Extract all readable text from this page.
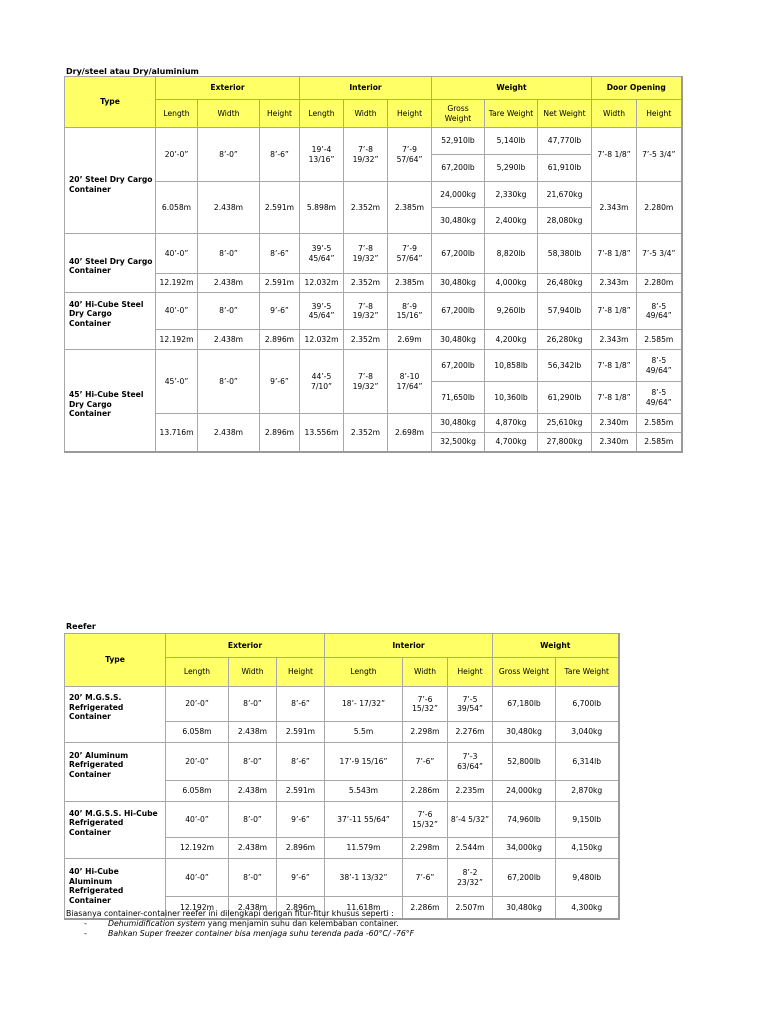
Dry/steel atau Dry/aluminium
Type	Exterior			Interior			Weight			Door Opening	
	Length	Width	Height	Length	Width	Height	Gross Weight	Tare Weight	Net Weight	Width	Height
20’ Steel Dry Cargo Container	20’-0”	8’-0”	8’-6”	19’-4 13/16”	7’-8 19/32”	7’-9 57/64”	52,910lb	5,140lb	47,770lb	7’-8 1/8”	7’-5 3/4”
							67,200lb	5,290lb	61,910lb		
	6.058m	2.438m	2.591m	5.898m	2.352m	2.385m	24,000kg	2,330kg	21,670kg	2.343m	2.280m
							30,480kg	2,400kg	28,080kg		
40’ Steel Dry Cargo Container	40’-0”	8’-0”	8’-6”	39’-5 45/64”	7’-8 19/32”	7’-9 57/64”	67,200lb	8,820lb	58,380lb	7’-8 1/8”	7’-5 3/4”
	12.192m	2.438m	2.591m	12.032m	2.352m	2.385m	30,480kg	4,000kg	26,480kg	2.343m	2.280m
40’ Hi-Cube Steel Dry Cargo Container	40’-0”	8’-0”	9’-6”	39’-5 45/64”	7’-8 19/32”	8’-9 15/16”	67,200lb	9,260lb	57,940lb	7’-8 1/8”	8’-5 49/64”
	12.192m	2.438m	2.896m	12.032m	2.352m	2.69m	30,480kg	4,200kg	26,280kg	2.343m	2.585m
45’ Hi-Cube Steel Dry Cargo Container	45’-0”	8’-0”	9’-6”	44’-5 7/10”	7’-8 19/32”	8’-10 17/64”	67,200lb	10,858lb	56,342lb	7’-8 1/8”	8’-5 49/64”
							71,650lb	10,360lb	61,290lb	7’-8 1/8”	8’-5 49/64”
	13.716m	2.438m	2.896m	13.556m	2.352m	2.698m	30,480kg	4,870kg	25,610kg	2.340m	2.585m
							32,500kg	4,700kg	27,800kg	2.340m	2.585m
Reefer
Type	Exterior			Interior			Weight	
	Length	Width	Height	Length	Width	Height	Gross Weight	Tare Weight
20’ M.G.S.S. Refrigerated Container	20’-0”	8’-0”	8’-6”	18’- 17/32”	7’-6 15/32”	7’-5 39/54”	67,180lb	6,700lb
	6.058m	2.438m	2.591m	5.5m	2.298m	2.276m	30,480kg	3,040kg
20’ Aluminum Refrigerated Container	20’-0”	8’-0”	8’-6”	17’-9 15/16”	7’-6”	7’-3 63/64”	52,800lb	6,314lb
	6.058m	2.438m	2.591m	5.543m	2.286m	2.235m	24,000kg	2,870kg
40’ M.G.S.S. Hi-Cube Refrigerated Container	40’-0”	8’-0”	9’-6”	37’-11 55/64”	7’-6 15/32”	8’-4 5/32”	74,960lb	9,150lb
	12.192m	2.438m	2.896m	11.579m	2.298m	2.544m	34,000kg	4,150kg
40’ Hi-Cube Aluminum Refrigerated Container	40’-0”	8’-0”	9’-6”	38’-1 13/32”	7’-6”	8’-2 23/32”	67,200lb	9,480lb
	12.192m	2.438m	2.896m	11.618m	2.286m	2.507m	30,480kg	4,300kg
Biasanya container-container reefer ini dilengkapi dengan fitur-fitur khusus seperti :
-	Dehumidification system yang menjamin suhu dan kelembaban container.
-	Bahkan Super freezer container bisa menjaga suhu terenda pada -60°C/ -76°F
